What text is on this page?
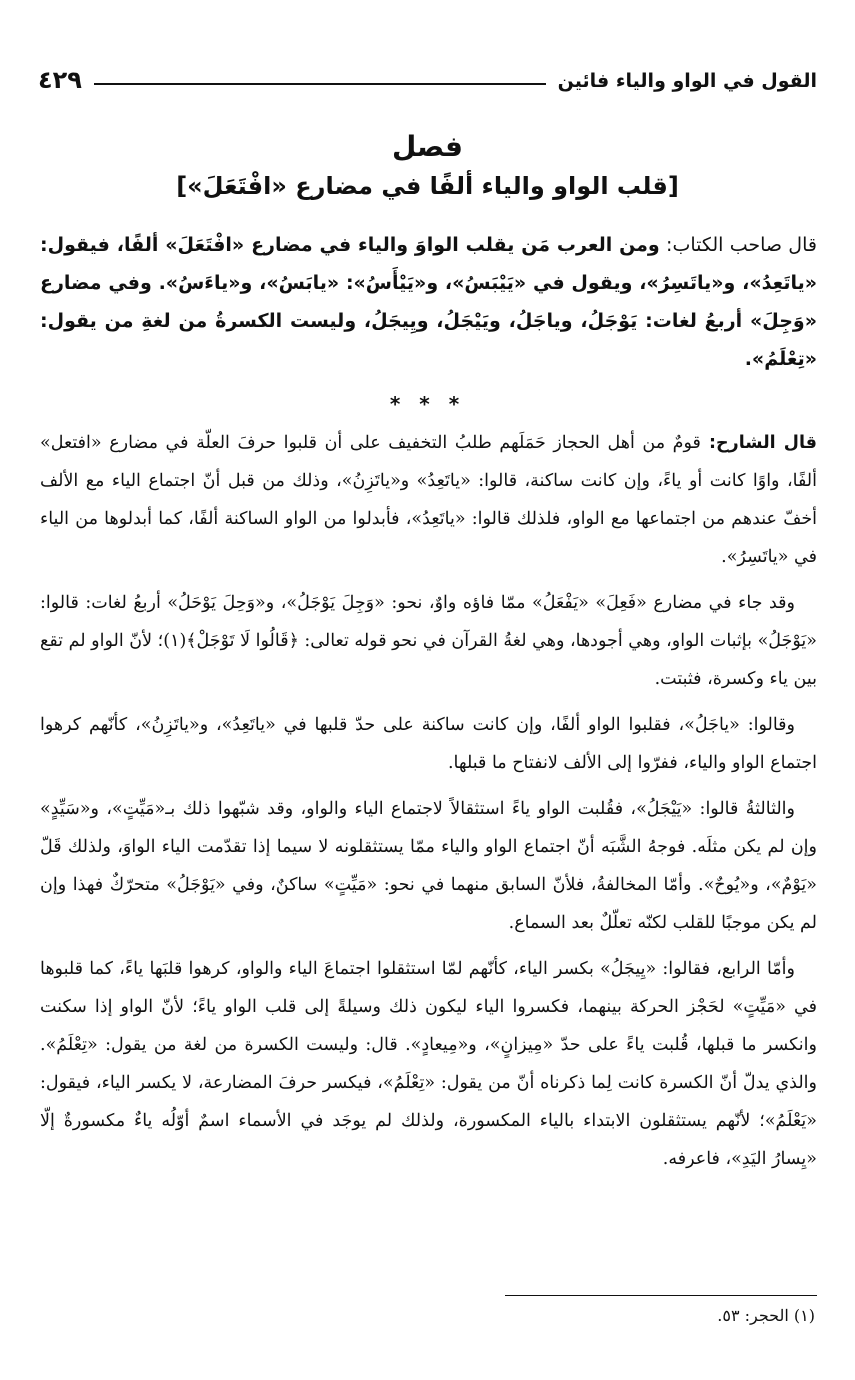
القول في الواو والياء فائين
٤٢٩
فصل
[قلب الواو والياء ألفًا في مضارع «افْتَعَلَ»]
قال صاحب الكتاب: ومن العرب مَن يقلب الواوَ والياء في مضارع «افْتَعَلَ» ألفًا، فيقول: «ياتَعِدُ»، و«ياتَسِرُ»، ويقول في «يَيْبَسُ»، و«يَيْأَسُ»: «يابَسُ»، و«ياءَسُ». وفي مضارع «وَجِلَ» أربعُ لغات: يَوْجَلُ، وياجَلُ، ويَيْجَلُ، ويِيجَلُ، وليست الكسرةُ من لغةِ من يقول: «تِعْلَمُ».
* * *

قال الشارح: قومٌ من أهل الحجاز حَمَلَهم طلبُ التخفيف على أن قلبوا حرفَ العلّة في مضارع «افتعل» ألفًا، واوًا كانت أو ياءً، وإن كانت ساكنة، قالوا: «ياتَعِدُ» و«ياتَزِنُ»، وذلك من قبل أنّ اجتماع الياء مع الألف أخفّ عندهم من اجتماعها مع الواو، فلذلك قالوا: «ياتَعِدُ»، فأبدلوا من الواو الساكنة ألفًا، كما أبدلوها من الياء في «ياتَسِرُ».

وقد جاء في مضارع «فَعِلَ» «يَفْعَلُ» ممّا فاؤه واوٌ، نحو: «وَجِلَ يَوْجَلُ»، و«وَحِلَ يَوْحَلُ» أربعُ لغات: قالوا: «يَوْجَلُ» بإثبات الواو، وهي أجودها، وهي لغةُ القرآن في نحو قوله تعالى: ﴿قَالُوا لَا تَوْجَلْ﴾(١)؛ لأنّ الواو لم تقع بين ياء وكسرة، فثبتت.

وقالوا: «ياجَلُ»، فقلبوا الواو ألفًا، وإن كانت ساكنة على حدّ قلبها في «ياتَعِدُ»، و«ياتَزِنُ»، كأنّهم كرهوا اجتماع الواو والياء، ففرّوا إلى الألف لانفتاح ما قبلها.

والثالثةُ قالوا: «يَيْجَلُ»، فقُلبت الواو ياءً استثقالاً لاجتماع الياء والواو، وقد شبّهوا ذلك بـ«مَيِّتٍ»، و«سَيِّدٍ» وإن لم يكن مثلَه. فوجهُ الشَّبَه أنّ اجتماع الواو والياء ممّا يستثقلونه لا سيما إذا تقدّمت الياء الواوَ، ولذلك قَلّ «يَوْمٌ»، و«يُوحٌ». وأمّا المخالفةُ، فلأنّ السابق منهما في نحو: «مَيِّتٍ» ساكنٌ، وفي «يَوْجَلُ» متحرّكٌ فهذا وإن لم يكن موجبًا للقلب لكنّه تعلّلٌ بعد السماع.

وأمّا الرابع، فقالوا: «يِيجَلُ» بكسر الياء، كأنّهم لمّا استثقلوا اجتماعَ الياء والواو، كرهوا قلبَها ياءً، كما قلبوها في «مَيِّتٍ» لحَجْز الحركة بينهما، فكسروا الياء ليكون ذلك وسيلةً إلى قلب الواو ياءً؛ لأنّ الواو إذا سكنت وانكسر ما قبلها، قُلبت ياءً على حدّ «مِيزانٍ»، و«مِيعادٍ». قال: وليست الكسرة من لغة من يقول: «تِعْلَمُ». والذي يدلّ أنّ الكسرة كانت لِما ذكرناه أنّ من يقول: «تِعْلَمُ»، فيكسر حرفَ المضارعة، لا يكسر الياء، فيقول: «يَعْلَمُ»؛ لأنّهم يستثقلون الابتداء بالياء المكسورة، ولذلك لم يوجَد في الأسماء اسمٌ أوّلُه ياءٌ مكسورةٌ إلّا «يِسارُ اليَدِ»، فاعرفه.

(١) الحجر: ٥٣.
